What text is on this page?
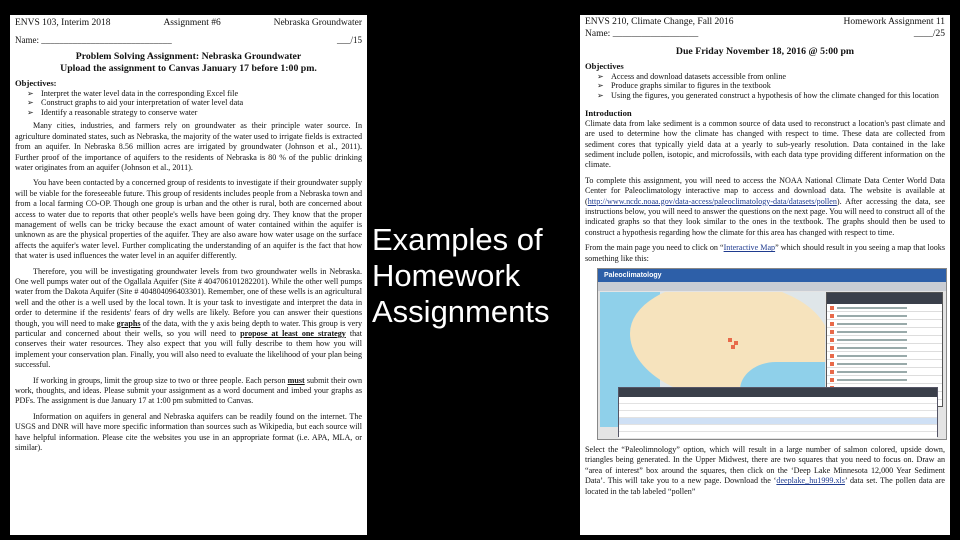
ENVS 103, Interim 2018	Assignment #6	Nebraska Groundwater
Name: _____________________________	___/15
Problem Solving Assignment: Nebraska Groundwater
Upload the assignment to Canvas January 17 before 1:00 pm.
Objectives:
➢ Interpret the water level data in the corresponding Excel file
➢ Construct graphs to aid your interpretation of water level data
➢ Identify a reasonable strategy to conserve water

Many cities, industries, and farmers rely on groundwater as their principle water source. In agriculture dominated states, such as Nebraska, the majority of the water used to irrigate fields is extracted from an aquifer. In Nebraska 8.56 million acres are irrigated by groundwater (Johnson et al., 2011). Further proof of the importance of aquifers to the residents of Nebraska is 80 % of the public drinking water originates from an aquifer (Johnson et al., 2011).

You have been contacted by a concerned group of residents to investigate if their groundwater supply will be viable for the foreseeable future. This group of residents includes people from a Nebraska town and from a local farming CO-OP. Though one group is urban and the other is rural, both are concerned about access to water due to reports that other people's wells have been going dry. They know that the proper management of wells can be tricky because the exact amount of water contained within the aquifer is unknown as are the physical properties of the aquifer. They are also aware how water usage on the surface affects the aquifer's water level. Further complicating the understanding of an aquifer is the fact that how that water is used influences the water level in an aquifer differently.

Therefore, you will be investigating groundwater levels from two groundwater wells in Nebraska. One well pumps water out of the Ogallala Aquifer (Site # 404706101282201). While the other well pumps water from the Dakota Aquifer (Site # 404804096403301). Remember, one of these wells is an agricultural well and the other is a well used by the local town. It is your task to investigate and interpret the data in order to determine if the residents' fears of dry wells are likely. Before you can answer their questions though, you will need to make graphs of the data, with the y axis being depth to water. This group is very particular and concerned about their wells, so you will need to propose at least one strategy that conserves their water resources. They also expect that you will fully describe to them how you will implement your conservation plan. Finally, you will also need to evaluate the likelihood of your plan being successful.

If working in groups, limit the group size to two or three people. Each person must submit their own work, thoughts, and ideas. Please submit your assignment as a word document and imbed your graphs as PDFs. The assignment is due January 17 at 1:00 pm submitted to Canvas.

Information on aquifers in general and Nebraska aquifers can be readily found on the internet. The USGS and DNR will have more specific information than sources such as Wikipedia, but each source will have helpful information. Please cite the websites you use in an appropriate format (i.e. APA, MLA, or similar).

Examples of
Homework
Assignments
ENVS 210, Climate Change, Fall 2016	Homework Assignment 11
Name: __________________	____/25
Due Friday November 18, 2016 @ 5:00 pm
Objectives
➢ Access and download datasets accessible from online
➢ Produce graphs similar to figures in the textbook
➢ Using the figures, you generated construct a hypothesis of how the climate changed for this location
Introduction

Climate data from lake sediment is a common source of data used to reconstruct a location's past climate and are used to determine how the climate has changed with respect to time. These data are collected from sediment cores that typically yield data at a yearly to sub-yearly resolution. Data contained in the lake sediment include pollen, isotopic, and microfossils, with each data type providing different information on the climate.

To complete this assignment, you will need to access the NOAA National Climate Data Center World Data Center for Paleoclimatology interactive map to access and download data. The website is available at (http://www.ncdc.noaa.gov/data-access/paleoclimatology-data/datasets/pollen). After accessing the data, see instructions below, you will need to answer the questions on the next page. You will need to construct all of the indicated graphs so that they look similar to the ones in the textbook. The graphs should then be used to construct a hypothesis regarding how the climate for this area has changed with respect to time.

From the main page you need to click on “Interactive Map” which should result in you seeing a map that looks something like this:

Paleoclimatology

Select the “Paleolimnology” option, which will result in a large number of salmon colored, upside down, triangles being generated. In the Upper Midwest, there are two squares that you need to focus on. Draw an “area of interest” box around the squares, then click on the ‘Deep Lake Minnesota 12,000 Year Sediment Data’. This will take you to a new page. Download the ‘deeplake_hu1999.xls’ data set. The pollen data are located in the tab labeled “pollen”
